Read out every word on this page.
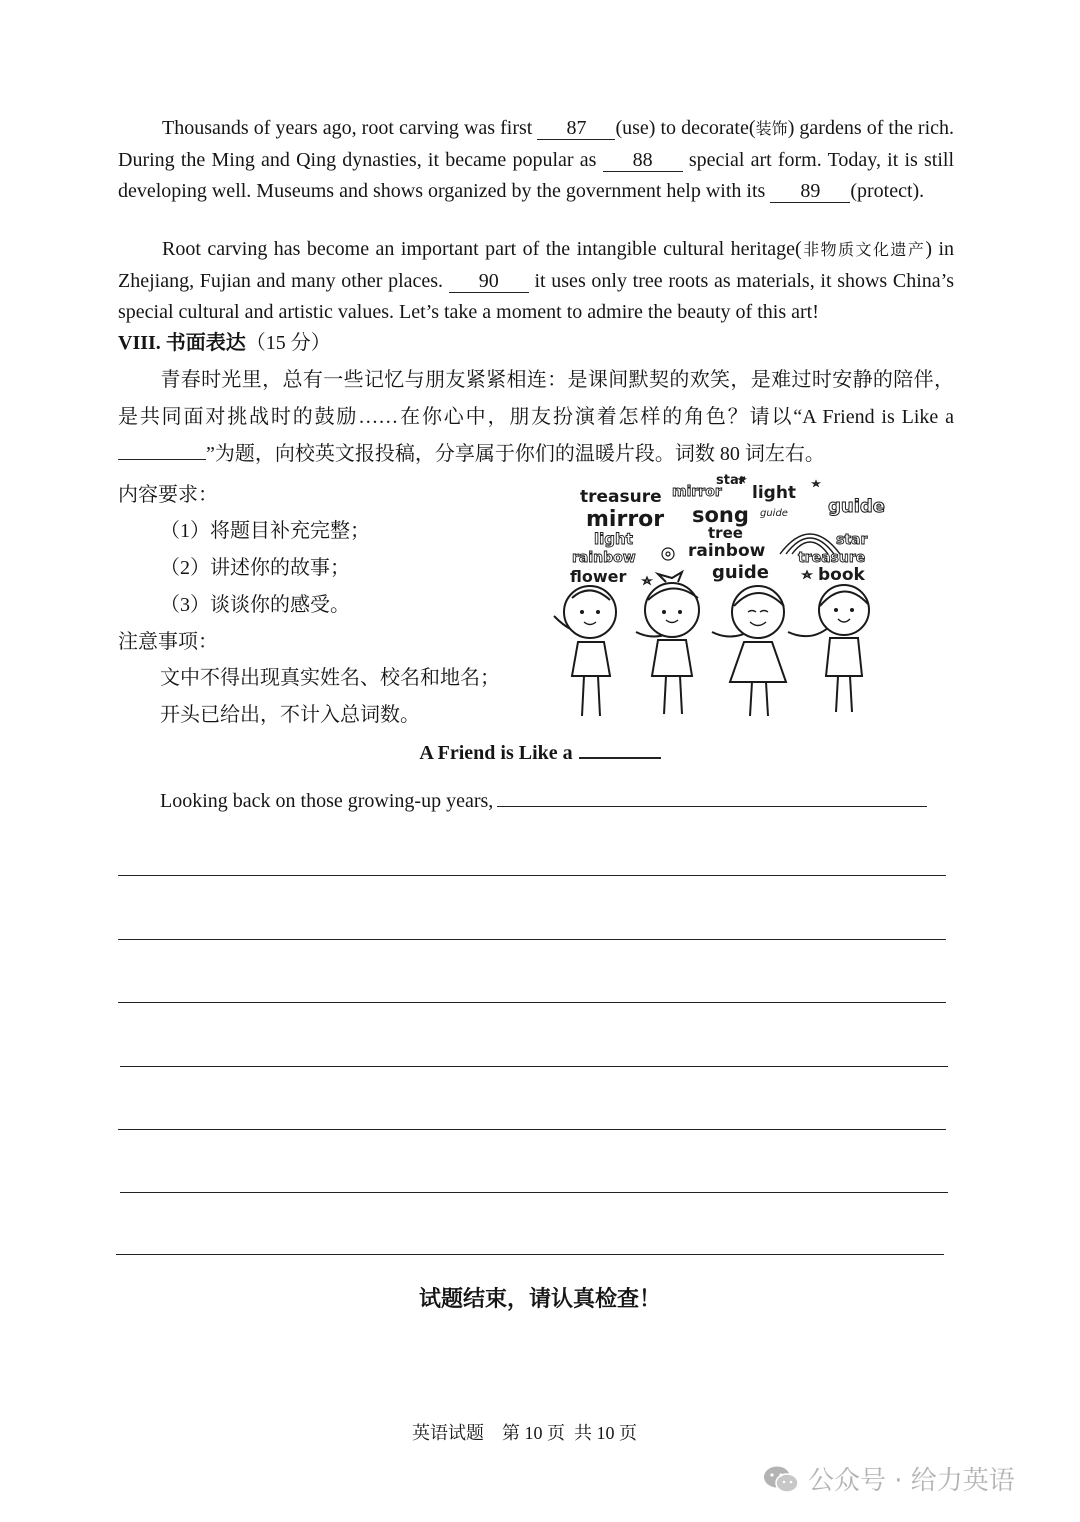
Thousands of years ago, root carving was first 87 (use) to decorate(装饰) gardens of the rich. During the Ming and Qing dynasties, it became popular as 88 special art form. Today, it is still developing well. Museums and shows organized by the government help with its 89 (protect).
Root carving has become an important part of the intangible cultural heritage(非物质文化遗产) in Zhejiang, Fujian and many other places. 90 it uses only tree roots as materials, it shows China’s special cultural and artistic values. Let’s take a moment to admire the beauty of this art!
VIII. 书面表达（15 分）
青春时光里，总有一些记忆与朋友紧紧相连：是课间默契的欢笑，是难过时安静的陪伴，是共同面对挑战时的鼓励……在你心中，朋友扮演着怎样的角色？请以“A Friend is Like a”为题，向校英文报投稿，分享属于你们的温暖片段。词数 80 词左右。
内容要求：
（1）将题目补充完整；
（2）讲述你的故事；
（3）谈谈你的感受。
注意事项：
文中不得出现真实姓名、校名和地名；
开头已给出，不计入总词数。
treasure mirror
star
light
guide
mirror song guide
light	tree
rainbow	rainbow
star
treasure
flower	guide	book
A Friend is Like a
Looking back on those growing-up years,
试题结束，请认真检查！
英语试题    第 10 页  共 10 页
公众号 · 给力英语
